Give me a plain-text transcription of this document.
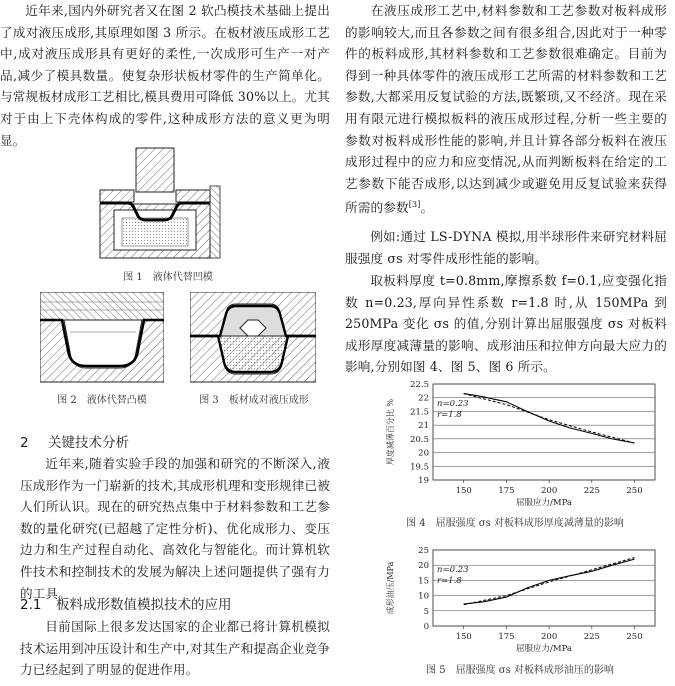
近年来,国内外研究者又在图 2 软凸模技术基础上提出了成对液压成形,其原理如图 3 所示。在板材液压成形工艺中,成对液压成形具有更好的柔性,一次成形可生产一对产品,减少了模具数量。使复杂形状板材零件的生产简单化。与常规板材成形工艺相比,模具费用可降低 30%以上。尤其对于由上下壳体构成的零件,这种成形方法的意义更为明显。

图 1　液体代替凹模

图 2　液体代替凸模	图 3　板材成对液压成形

2 关键技术分析

近年来,随着实验手段的加强和研究的不断深入,液压成形作为一门崭新的技术,其成形机理和变形规律已被人们所认识。现在的研究热点集中于材料参数和工艺参数的量化研究(已超越了定性分析)、优化成形力、变压边力和生产过程自动化、高效化与智能化。而计算机软件技术和控制技术的发展为解决上述问题提供了强有力的工具。

2.1 板料成形数值模拟技术的应用

目前国际上很多发达国家的企业都已将计算机模拟技术运用到冲压设计和生产中,对其生产和提高企业竞争力已经起到了明显的促进作用。

在液压成形工艺中,材料参数和工艺参数对板料成形的影响较大,而且各参数之间有很多组合,因此对于一种零件的板料成形,其材料参数和工艺参数很难确定。目前为得到一种具体零件的液压成形工艺所需的材料参数和工艺参数,大都采用反复试验的方法,既繁琐,又不经济。现在采用有限元进行模拟板料的液压成形过程,分析一些主要的参数对板料成形性能的影响,并且计算各部分板料在液压成形过程中的应力和应变情况,从而判断板料在给定的工艺参数下能否成形,以达到减少或避免用反复试验来获得所需的参数[3]。

例如:通过 LS-DYNA 模拟,用半球形件来研究材料屈服强度 σs 对零件成形性能的影响。

取板料厚度 t=0.8mm,摩擦系数 f=0.1,应变强化指数 n=0.23,厚向异性系数 r=1.8 时,从 150MPa 到 250MPa 变化 σs 的值,分别计算出屈服强度 σs 对板料成形厚度减薄量的影响、成形油压和拉伸方向最大应力的影响,分别如图 4、图 5、图 6 所示。

19
19.5
20
20.5
21
21.5
22
22.5
150	175	200	225	250
屈服应力/MPa
厚度减薄百分比 %	n=0.23
r=1.8

图 4　屈服强度 σs 对板料成形厚度减薄量的影响

0
5
10
15
20
25
150	175	200	225	250
屈服应力/MPa
成形油压/MPa	n=0.23
r=1.8

图 5　屈服强度 σs 对板料成形油压的影响
